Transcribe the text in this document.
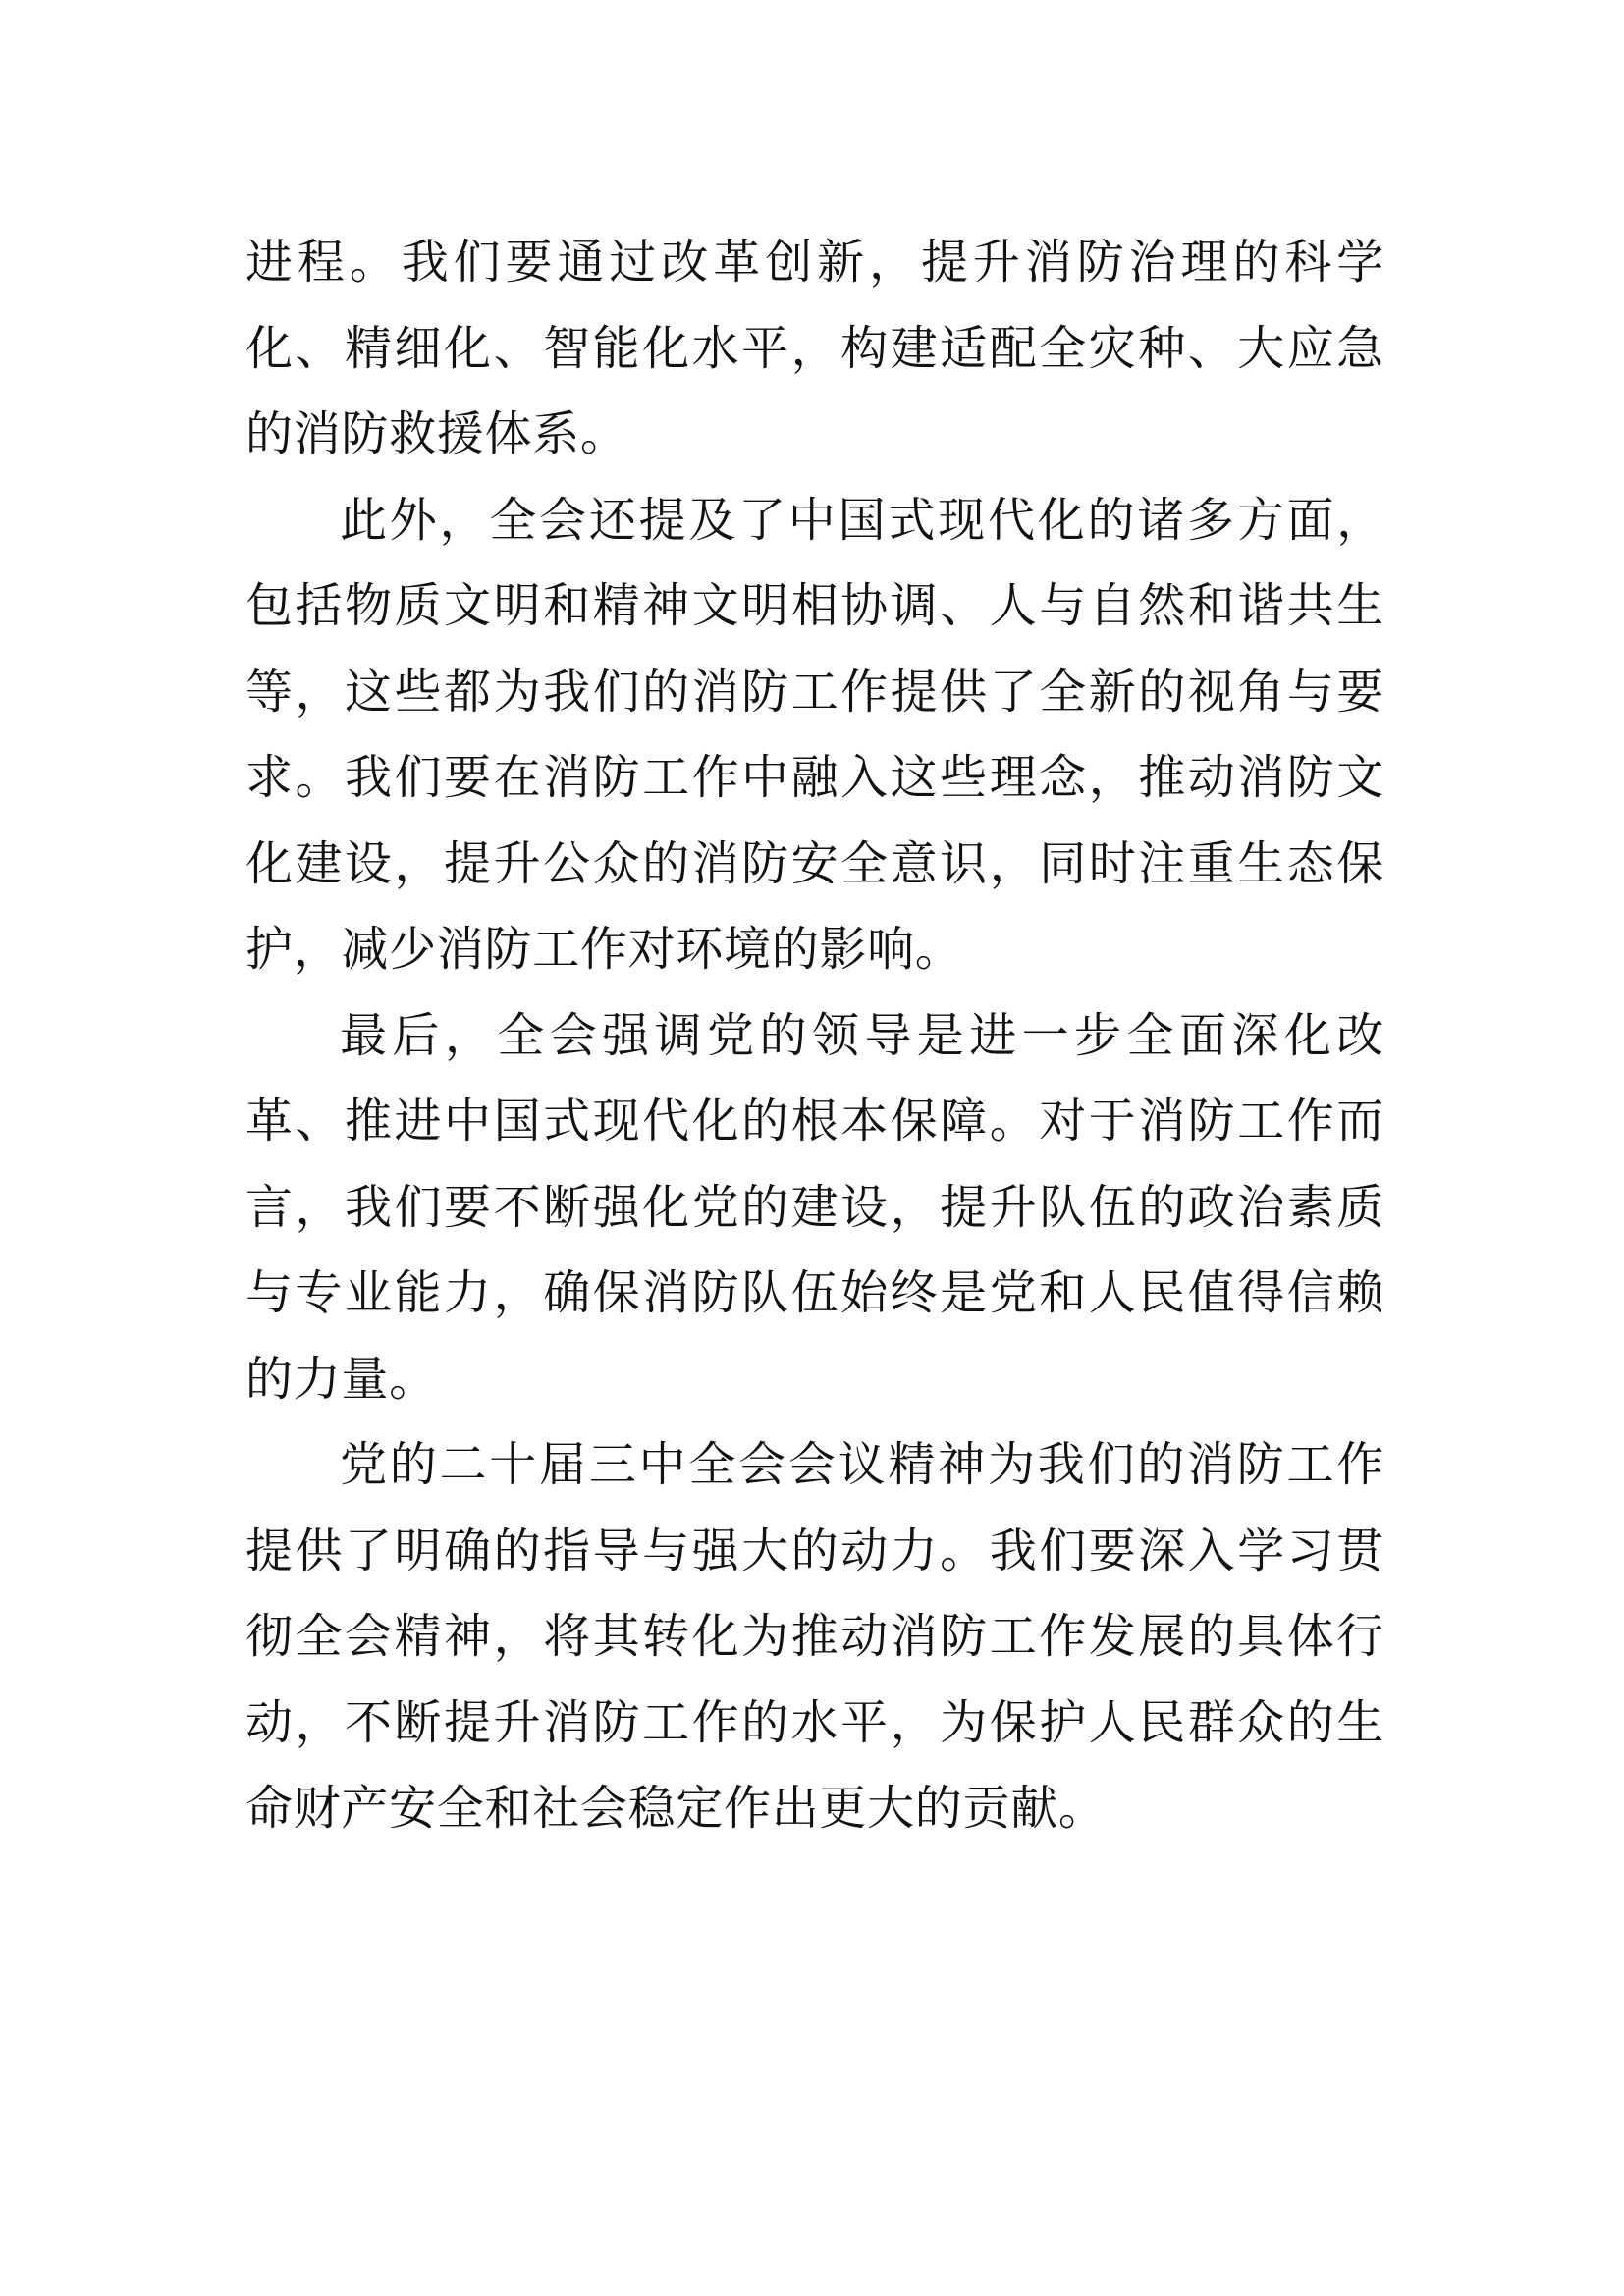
进程。我们要通过改革创新，提升消防治理的科学化、精细化、智能化水平，构建适配全灾种、大应急的消防救援体系。

此外，全会还提及了中国式现代化的诸多方面，包括物质文明和精神文明相协调、人与自然和谐共生等，这些都为我们的消防工作提供了全新的视角与要求。我们要在消防工作中融入这些理念，推动消防文化建设，提升公众的消防安全意识，同时注重生态保护，减少消防工作对环境的影响。

最后，全会强调党的领导是进一步全面深化改革、推进中国式现代化的根本保障。对于消防工作而言，我们要不断强化党的建设，提升队伍的政治素质与专业能力，确保消防队伍始终是党和人民值得信赖的力量。

党的二十届三中全会会议精神为我们的消防工作提供了明确的指导与强大的动力。我们要深入学习贯彻全会精神，将其转化为推动消防工作发展的具体行动，不断提升消防工作的水平，为保护人民群众的生命财产安全和社会稳定作出更大的贡献。
